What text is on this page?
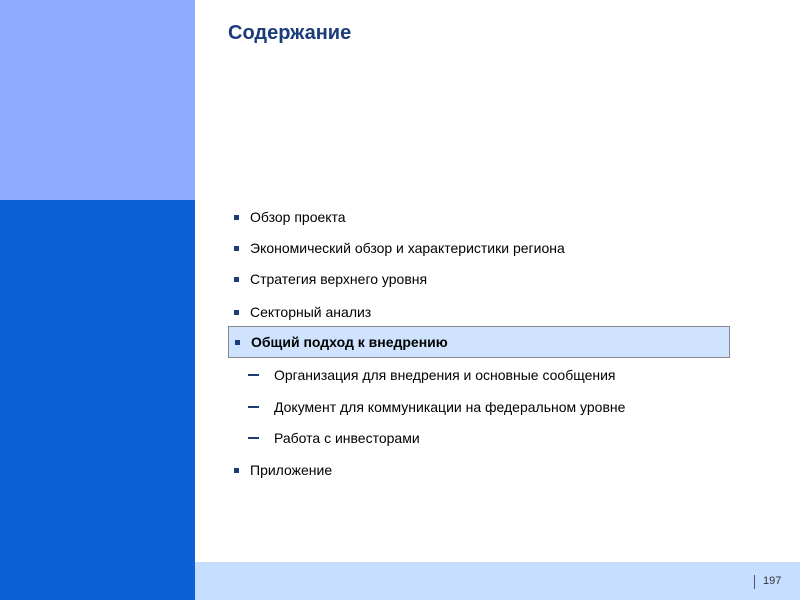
Содержание
Обзор проекта
Экономический обзор и характеристики региона
Стратегия верхнего уровня
Секторный анализ
Общий подход к внедрению
Организация для внедрения и основные сообщения
Документ для коммуникации на федеральном уровне
Работа с инвесторами
Приложение
197
